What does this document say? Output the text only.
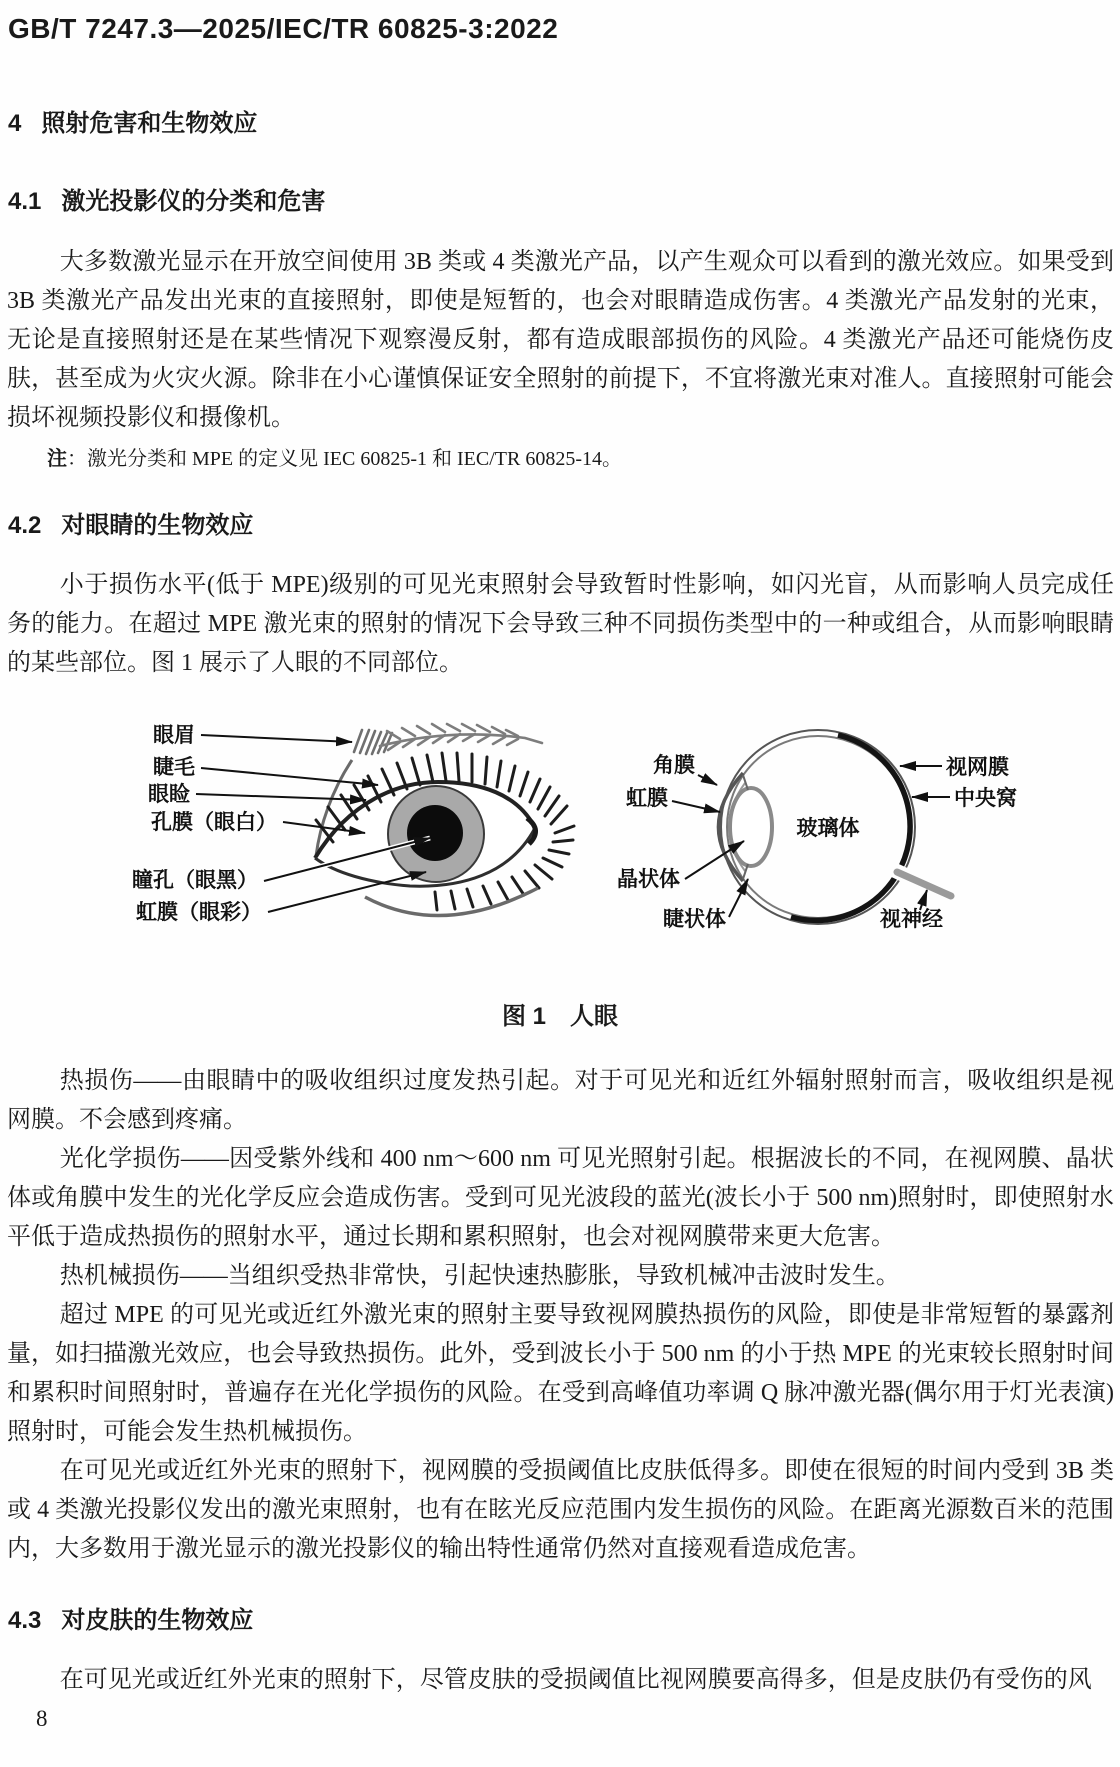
GB/T 7247.3—2025/IEC/TR 60825-3:2022
4 照射危害和生物效应
4.1 激光投影仪的分类和危害

大多数激光显示在开放空间使用 3B 类或 4 类激光产品，以产生观众可以看到的激光效应。如果受到 3B 类激光产品发出光束的直接照射，即使是短暂的，也会对眼睛造成伤害。4 类激光产品发射的光束，无论是直接照射还是在某些情况下观察漫反射，都有造成眼部损伤的风险。4 类激光产品还可能烧伤皮肤，甚至成为火灾火源。除非在小心谨慎保证安全照射的前提下，不宜将激光束对准人。直接照射可能会损坏视频投影仪和摄像机。

注：激光分类和 MPE 的定义见 IEC 60825-1 和 IEC/TR 60825-14。

4.2 对眼睛的生物效应

小于损伤水平(低于 MPE)级别的可见光束照射会导致暂时性影响，如闪光盲，从而影响人员完成任务的能力。在超过 MPE 激光束的照射的情况下会导致三种不同损伤类型中的一种或组合，从而影响眼睛的某些部位。图 1 展示了人眼的不同部位。

眼眉
睫毛
眼睑
孔膜（眼白）
瞳孔（眼黑）
虹膜（眼彩）
玻璃体
角膜
虹膜
视网膜
中央窝
晶状体
睫状体	视神经
图 1 人眼

热损伤——由眼睛中的吸收组织过度发热引起。对于可见光和近红外辐射照射而言，吸收组织是视网膜。不会感到疼痛。

光化学损伤——因受紫外线和 400 nm～600 nm 可见光照射引起。根据波长的不同，在视网膜、晶状体或角膜中发生的光化学反应会造成伤害。受到可见光波段的蓝光(波长小于 500 nm)照射时，即使照射水平低于造成热损伤的照射水平，通过长期和累积照射，也会对视网膜带来更大危害。

热机械损伤——当组织受热非常快，引起快速热膨胀，导致机械冲击波时发生。

超过 MPE 的可见光或近红外激光束的照射主要导致视网膜热损伤的风险，即使是非常短暂的暴露剂量，如扫描激光效应，也会导致热损伤。此外，受到波长小于 500 nm 的小于热 MPE 的光束较长照射时间和累积时间照射时，普遍存在光化学损伤的风险。在受到高峰值功率调 Q 脉冲激光器(偶尔用于灯光表演)照射时，可能会发生热机械损伤。

在可见光或近红外光束的照射下，视网膜的受损阈值比皮肤低得多。即使在很短的时间内受到 3B 类或 4 类激光投影仪发出的激光束照射，也有在眩光反应范围内发生损伤的风险。在距离光源数百米的范围内，大多数用于激光显示的激光投影仪的输出特性通常仍然对直接观看造成危害。

4.3 对皮肤的生物效应

在可见光或近红外光束的照射下，尽管皮肤的受损阈值比视网膜要高得多，但是皮肤仍有受伤的风

8
